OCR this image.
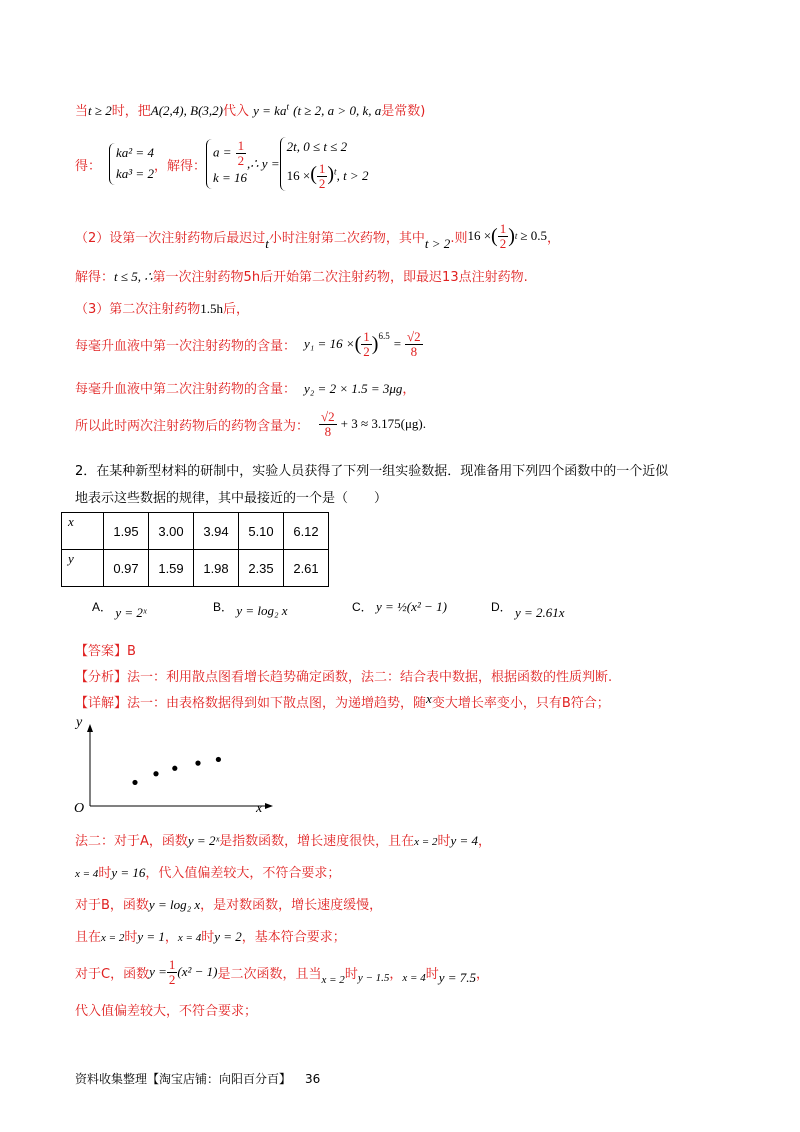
当t ≥ 2时，把A(2,4), B(3,2)代入 $y = ka^t$ (t ≥ 2, a > 0, k, a是常数)
得：
ka² = 4
ka³ = 2 ，解得：
$a = \frac{1}{2}$
k = 16
,∴ y =
2t, 0 ≤ t ≤ 2
16 ×( $\frac{1}{2} )^t$, t > 2
（2）设第一次注射药物后最迟过 t 小时注射第二次药物，其中 t > 2 .则 16 × ( $\frac{1}{2}$ ) t ≥ 0.5 ，
解得：t ≤ 5, ∴第一次注射药物5h后开始第二次注射药物，即最迟13点注射药物.
（3）第二次注射药物1.5h后，
每毫升血液中第一次注射药物的含量： y₁ = 16 × ( $\frac{1}{2} )^{6.5} = \frac{√2}{8}$
每毫升血液中第二次注射药物的含量： y₂ = 2 × 1.5 = 3μg，
所以此时两次注射药物后的药物含量为： $\frac{√2}{8} + 3 \approx 3.175(\mu g)$.
2．在某种新型材料的研制中，实验人员获得了下列一组实验数据．现准备用下列四个函数中的一个近似
地表示这些数据的规律，其中最接近的一个是（　　）
x	1.95	3.00	3.94	5.10	6.12
y	0.97	1.59	1.98	2.35	2.61
A． y = 2ˣ	B． y = log₂ x	C． y = ½(x² − 1)	D． y = 2.61x
【答案】B
【分析】法一：利用散点图看增长趋势确定函数，法二：结合表中数据，根据函数的性质判断.
【详解】法一：由表格数据得到如下散点图，为递增趋势，随x变大增长率变小，只有B符合；
y
x
O
法二：对于A，函数y = 2ˣ是指数函数，增长速度很快，且在x = 2时y = 4，
x = 4时y = 16，代入值偏差较大，不符合要求；
对于B，函数y = log₂ x，是对数函数，增长速度缓慢，
且在x = 2时y = 1，x = 4时y = 2，基本符合要求；
对于C，函数 $y = \frac{1}{2} (x^2 - 1)$ 是二次函数，且当 x = 2 时 y − 1.5 ， x = 4 时 y = 7.5 ，
代入值偏差较大，不符合要求；
资料收集整理【淘宝店铺：向阳百分百】 36
